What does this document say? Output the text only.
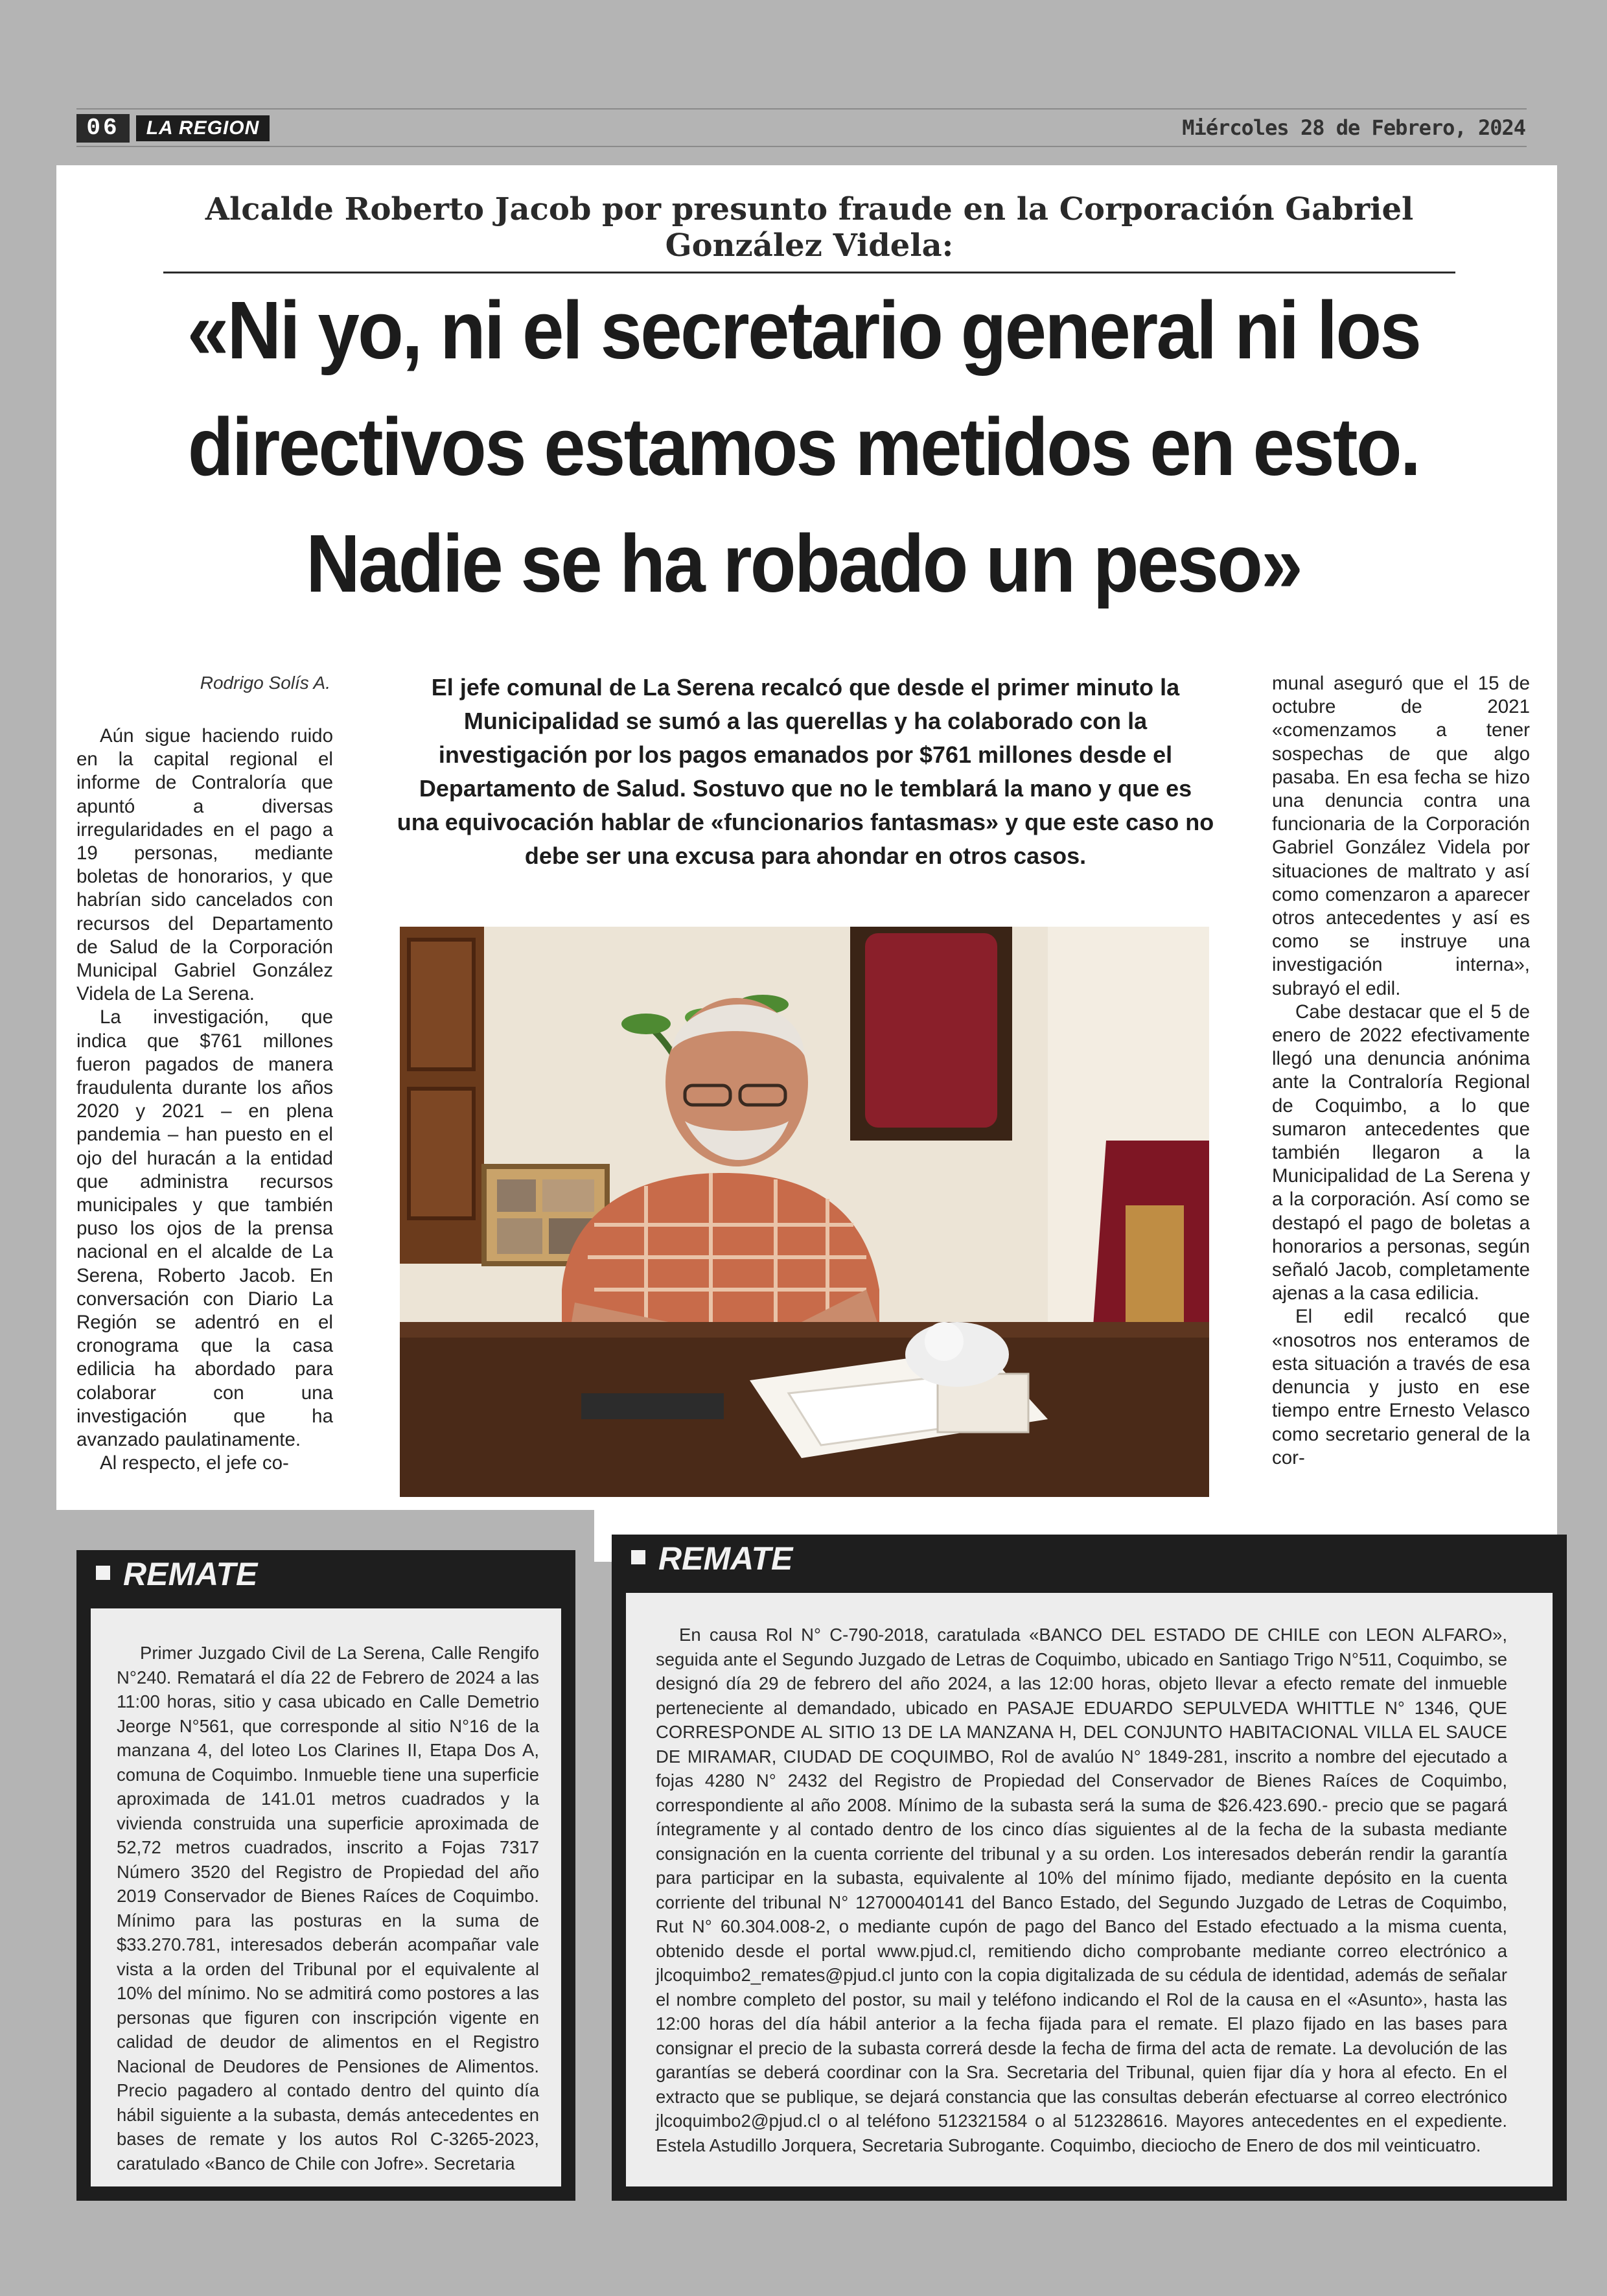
06	LA REGION	Miércoles 28 de Febrero, 2024
Alcalde Roberto Jacob por presunto fraude en la Corporación Gabriel González Videla:
«Ni yo, ni el secretario general ni los
directivos estamos metidos en esto.
Nadie se ha robado un peso»
Rodrigo Solís A.

Aún sigue haciendo ruido en la capital regional el informe de Contraloría que apuntó a diversas irregularidades en el pago a 19 personas, mediante boletas de honorarios, y que habrían sido cancelados con recursos del Departamento de Salud de la Corporación Municipal Gabriel González Videla de La Serena.

La investigación, que indica que $761 millones fueron pagados de manera fraudulenta durante los años 2020 y 2021 – en plena pandemia – han puesto en el ojo del huracán a la entidad que administra recursos municipales y que también puso los ojos de la prensa nacional en el alcalde de La Serena, Roberto Jacob. En conversación con Diario La Región se adentró en el cronograma que la casa edilicia ha abordado para colaborar con una investigación que ha avanzado paulatinamente.

Al respecto, el jefe co-

El jefe comunal de La Serena recalcó que desde el primer minuto la Municipalidad se sumó a las querellas y ha colaborado con la investigación por los pagos emanados por $761 millones desde el Departamento de Salud. Sostuvo que no le temblará la mano y que es una equivocación hablar de «funcionarios fantasmas» y que este caso no debe ser una excusa para ahondar en otros casos.

munal aseguró que el 15 de octubre de 2021 «comenzamos a tener sospechas de que algo pasaba. En esa fecha se hizo una denuncia contra una funcionaria de la Corporación Gabriel González Videla por situaciones de maltrato y así como comenzaron a aparecer otros antecedentes y así es como se instruye una investigación interna», subrayó el edil.

Cabe destacar que el 5 de enero de 2022 efectivamente llegó una denuncia anónima ante la Contraloría Regional de Coquimbo, a lo que sumaron antecedentes que también llegaron a la Municipalidad de La Serena y a la corporación. Así como se destapó el pago de boletas a honorarios a personas, según señaló Jacob, completamente ajenas a la casa edilicia.

El edil recalcó que «nosotros nos enteramos de esta situación a través de esa denuncia y justo en ese tiempo entre Ernesto Velasco como secretario general de la cor-

REMATE

Primer Juzgado Civil de La Serena, Calle Rengifo N°240. Rematará el día 22 de Febrero de 2024 a las 11:00 horas, sitio y casa ubicado en Calle Demetrio Jeorge N°561, que corresponde al sitio N°16 de la manzana 4, del loteo Los Clarines II, Etapa Dos A, comuna de Coquimbo. Inmueble tiene una superficie aproximada de 141.01 metros cuadrados y la vivienda construida una superficie aproximada de 52,72 metros cuadrados, inscrito a Fojas 7317 Número 3520 del Registro de Propiedad del año 2019 Conservador de Bienes Raíces de Coquimbo. Mínimo para las posturas en la suma de $33.270.781, interesados deberán acompañar vale vista a la orden del Tribunal por el equivalente al 10% del mínimo. No se admitirá como postores a las personas que figuren con inscripción vigente en calidad de deudor de alimentos en el Registro Nacional de Deudores de Pensiones de Alimentos. Precio pagadero al contado dentro del quinto día hábil siguiente a la subasta, demás antecedentes en bases de remate y los autos Rol C-3265-2023, caratulado «Banco de Chile con Jofre». Secretaria

REMATE

En causa Rol N° C-790-2018, caratulada «BANCO DEL ESTADO DE CHILE con LEON ALFARO», seguida ante el Segundo Juzgado de Letras de Coquimbo, ubicado en Santiago Trigo N°511, Coquimbo, se designó día 29 de febrero del año 2024, a las 12:00 horas, objeto llevar a efecto remate del inmueble perteneciente al demandado, ubicado en PASAJE EDUARDO SEPULVEDA WHITTLE N° 1346, QUE CORRESPONDE AL SITIO 13 DE LA MANZANA H, DEL CONJUNTO HABITACIONAL VILLA EL SAUCE DE MIRAMAR, CIUDAD DE COQUIMBO, Rol de avalúo N° 1849-281, inscrito a nombre del ejecutado a fojas 4280 N° 2432 del Registro de Propiedad del Conservador de Bienes Raíces de Coquimbo, correspondiente al año 2008. Mínimo de la subasta será la suma de $26.423.690.- precio que se pagará íntegramente y al contado dentro de los cinco días siguientes al de la fecha de la subasta mediante consignación en la cuenta corriente del tribunal y a su orden. Los interesados deberán rendir la garantía para participar en la subasta, equivalente al 10% del mínimo fijado, mediante depósito en la cuenta corriente del tribunal N° 12700040141 del Banco Estado, del Segundo Juzgado de Letras de Coquimbo, Rut N° 60.304.008-2, o mediante cupón de pago del Banco del Estado efectuado a la misma cuenta, obtenido desde el portal www.pjud.cl, remitiendo dicho comprobante mediante correo electrónico a jlcoquimbo2_remates@pjud.cl junto con la copia digitalizada de su cédula de identidad, además de señalar el nombre completo del postor, su mail y teléfono indicando el Rol de la causa en el «Asunto», hasta las 12:00 horas del día hábil anterior a la fecha fijada para el remate. El plazo fijado en las bases para consignar el precio de la subasta correrá desde la fecha de firma del acta de remate. La devolución de las garantías se deberá coordinar con la Sra. Secretaria del Tribunal, quien fijar día y hora al efecto. En el extracto que se publique, se dejará constancia que las consultas deberán efectuarse al correo electrónico jlcoquimbo2@pjud.cl o al teléfono 512321584 o al 512328616. Mayores antecedentes en el expediente. Estela Astudillo Jorquera, Secretaria Subrogante. Coquimbo, dieciocho de Enero de dos mil veinticuatro.
